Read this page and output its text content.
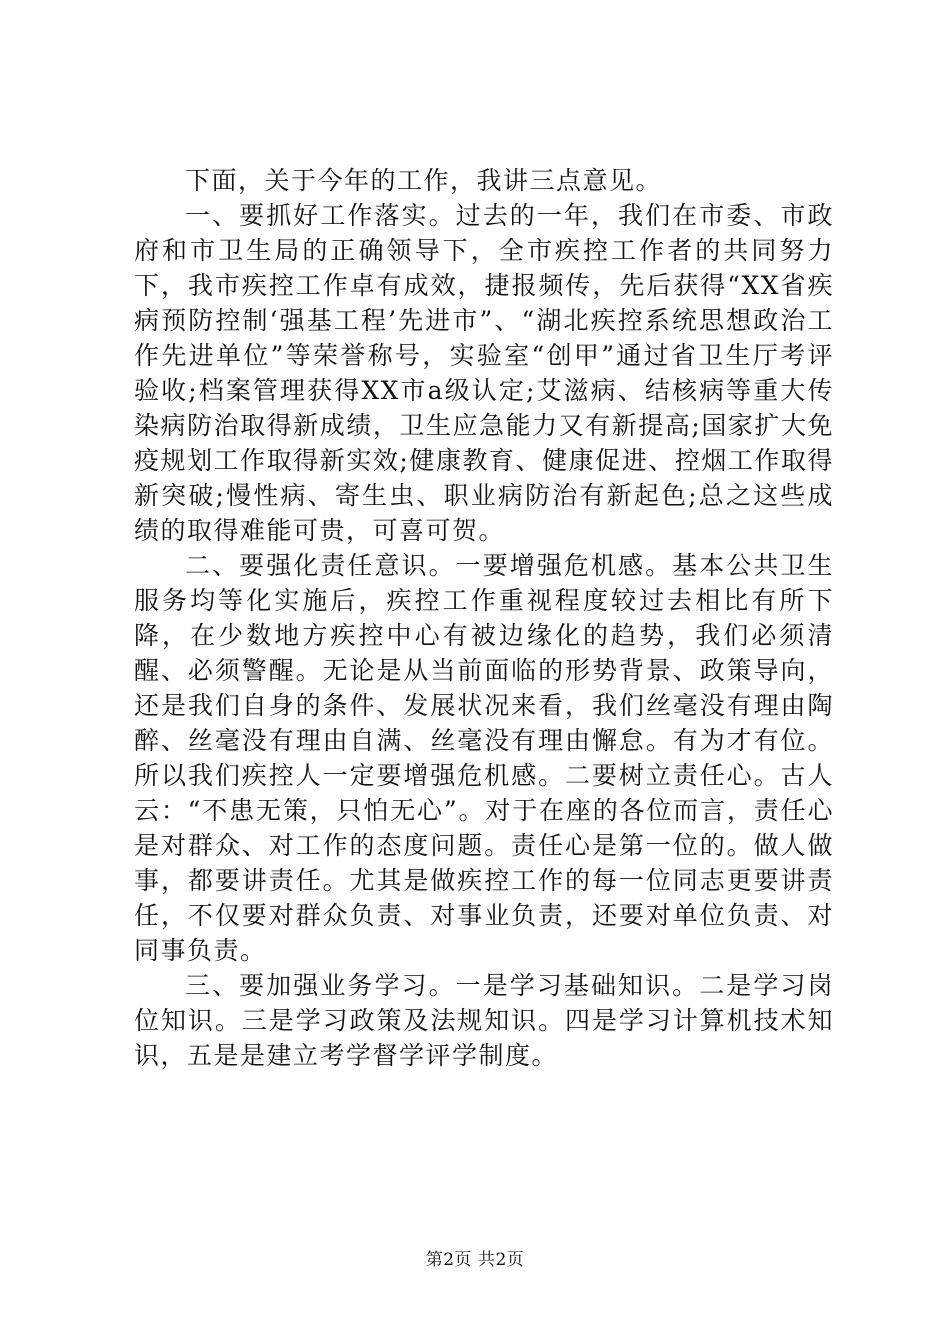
下面，关于今年的工作，我讲三点意见。

一、要抓好工作落实。过去的一年，我们在市委、市政府和市卫生局的正确领导下，全市疾控工作者的共同努力下，我市疾控工作卓有成效，捷报频传，先后获得“XX省疾病预防控制‘强基工程’先进市”、“湖北疾控系统思想政治工作先进单位”等荣誉称号，实验室“创甲”通过省卫生厅考评验收;档案管理获得XX市a级认定;艾滋病、结核病等重大传染病防治取得新成绩，卫生应急能力又有新提高;国家扩大免疫规划工作取得新实效;健康教育、健康促进、控烟工作取得新突破;慢性病、寄生虫、职业病防治有新起色;总之这些成绩的取得难能可贵，可喜可贺。

二、要强化责任意识。一要增强危机感。基本公共卫生服务均等化实施后，疾控工作重视程度较过去相比有所下降，在少数地方疾控中心有被边缘化的趋势，我们必须清醒、必须警醒。无论是从当前面临的形势背景、政策导向，还是我们自身的条件、发展状况来看，我们丝毫没有理由陶醉、丝毫没有理由自满、丝毫没有理由懈怠。有为才有位。所以我们疾控人一定要增强危机感。二要树立责任心。古人云：“不患无策，只怕无心”。对于在座的各位而言，责任心是对群众、对工作的态度问题。责任心是第一位的。做人做事，都要讲责任。尤其是做疾控工作的每一位同志更要讲责任，不仅要对群众负责、对事业负责，还要对单位负责、对同事负责。

三、要加强业务学习。一是学习基础知识。二是学习岗位知识。三是学习政策及法规知识。四是学习计算机技术知识，五是是建立考学督学评学制度。

第2页 共2页
